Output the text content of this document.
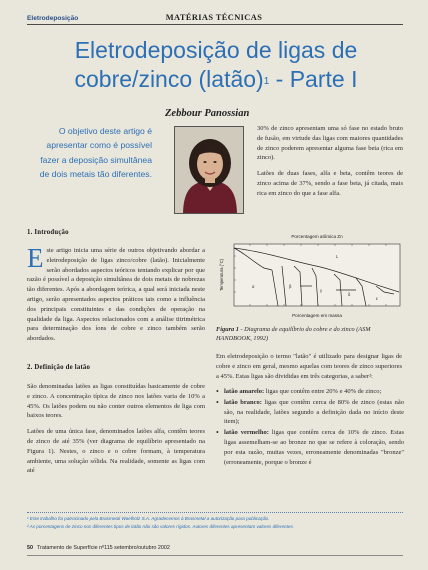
Eletrodeposição	MATÉRIAS TÉCNICAS
Eletrodeposição de ligas de
cobre/zinco (latão)$^1$ - Parte I
Zebbour Panossian
O objetivo deste artigo é apresentar como é possível fazer a deposição simultânea de dois metais tão diferentes.

30% de zinco apresentam uma só fase no estado bruto de fusão, em virtude das ligas com maiores quantidades de zinco poderem apresentar alguma fase beta (rica em zinco).

Latões de duas fases, alfa e beta, contêm teores de zinco acima de 37%, sendo a fase beta, já citada, mais rica em zinco do que a fase alfa.

1. Introdução

Este artigo inicia uma série de outros objetivando abordar a eletrodeposição de ligas zinco/cobre (latão). Inicialmente serão abordados aspectos teóricos tentando explicar por que razão é possível a deposição simultânea de dois metais de nobrezas tão diferentes. Após a abordagem teórica, a qual será iniciada neste artigo, serão apresentados aspectos práticos tais como a influência dos principais constituintes e das condições de operação na qualidade da liga. Aspectos relacionados com a análise titrimétrica para determinação dos íons de cobre e zinco também serão abordados.

2. Definição de latão

São denominadas latões as ligas constituídas basicamente de cobre e zinco. A concentração típica de zinco nos latões varia de 10% a 45%. Os latões podem ou não conter outros elementos de liga com baixos teores.

Latões de uma única fase, denominados latões alfa, contêm teores de zinco de até 35% (ver diagrama de equilíbrio apresentado na Figura 1). Nestes, o zinco e o cobre formam, à temperatura ambiente, uma solução sólida. Na realidade, somente as ligas com até

Porcentagem atômica Zn
Porcentagem em massa
Temperatura (°C)
L
α	β
γ
δ
ε
Figura 1 - Diagrama de equilíbrio do cobre e do zinco (ASM HANDBOOK, 1992)

Em eletrodeposição o termo "latão" é utilizado para designar ligas de cobre e zinco em geral, mesmo aquelas com teores de zinco superiores a 45%. Estas ligas são divididas em três categorias, a saber²:

• latão amarelo: ligas que contêm entre 20% e 40% de zinco;
• latão branco: ligas que contêm cerca de 80% de zinco (estas não são, na realidade, latões segundo a definição dada no início deste item);
• latão vermelho: ligas que contêm cerca de 10% de zinco. Estas ligas assemelham-se ao bronze no que se refere à coloração, sendo por esta razão, muitas vezes, erroneamente denominadas "bronze" (erroneamente, porque o bronze é
¹ Este trabalho foi patrocinado pela Brasmetal Waelholz S.A. Agradecemos à Brasmetal a autorização para publicação.
² As porcentagens de zinco nos diferentes tipos de latão não são valores rígidos. Autores diferentes apresentam valores diferentes.
50 Tratamento de Superfície nº115 setembro/outubro 2002
